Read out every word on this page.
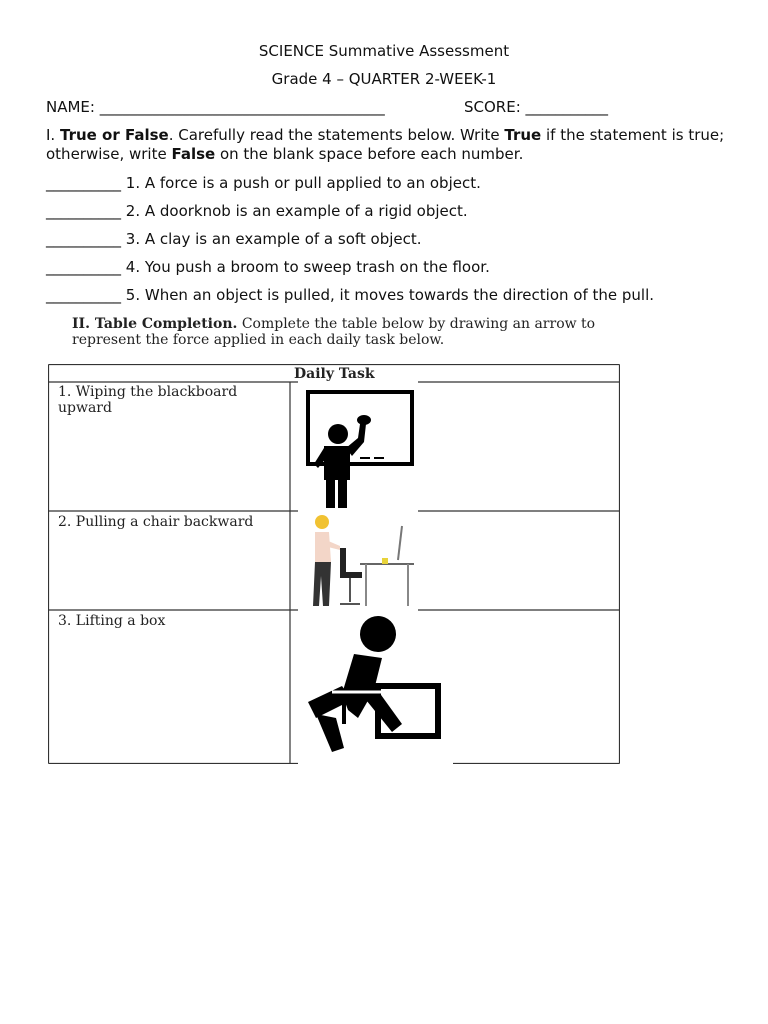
SCIENCE Summative Assessment
Grade 4 – QUARTER 2-WEEK-1
NAME: ______________________________________	SCORE: ___________
I. True or False. Carefully read the statements below. Write True if the statement is true; otherwise, write False on the blank space before each number.
__________ 1. A force is a push or pull applied to an object.
__________ 2. A doorknob is an example of a rigid object.
__________ 3. A clay is an example of a soft object.
__________ 4. You push a broom to sweep trash on the floor.
__________ 5. When an object is pulled, it moves towards the direction of the pull.
II. Table Completion. Complete the table below by drawing an arrow to represent the force applied in each daily task below.
Daily Task
1. Wiping the blackboard
upward
2. Pulling a chair backward
3. Lifting a box
